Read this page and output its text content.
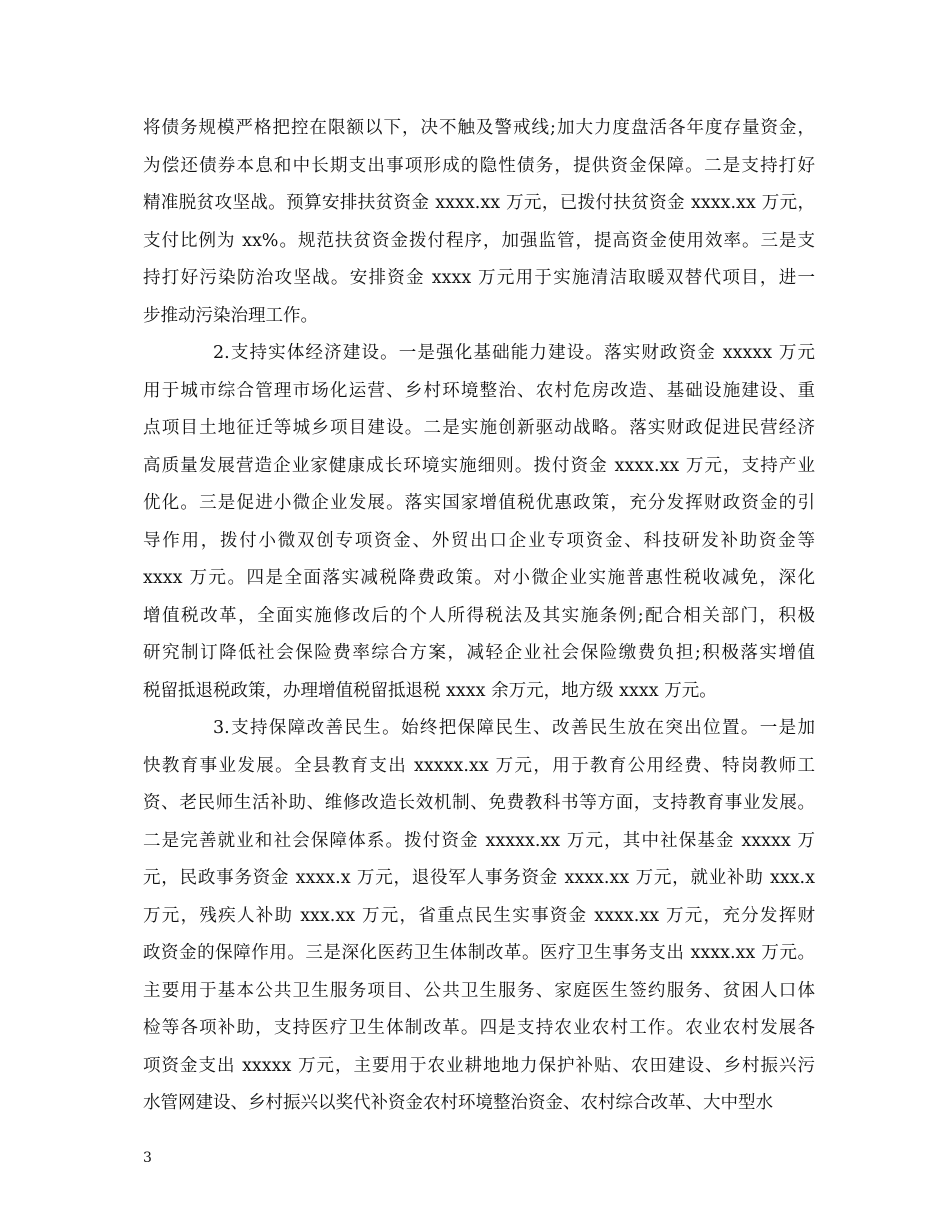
将债务规模严格把控在限额以下，决不触及警戒线;加大力度盘活各年度存量资金，
为偿还债券本息和中长期支出事项形成的隐性债务，提供资金保障。二是支持打好
精准脱贫攻坚战。预算安排扶贫资金 xxxx.xx 万元，已拨付扶贫资金 xxxx.xx 万元，
支付比例为 xx%。规范扶贫资金拨付程序，加强监管，提高资金使用效率。三是支
持打好污染防治攻坚战。安排资金 xxxx 万元用于实施清洁取暖双替代项目，进一
步推动污染治理工作。
2.支持实体经济建设。一是强化基础能力建设。落实财政资金 xxxxx 万元
用于城市综合管理市场化运营、乡村环境整治、农村危房改造、基础设施建设、重
点项目土地征迁等城乡项目建设。二是实施创新驱动战略。落实财政促进民营经济
高质量发展营造企业家健康成长环境实施细则。拨付资金 xxxx.xx 万元，支持产业
优化。三是促进小微企业发展。落实国家增值税优惠政策，充分发挥财政资金的引
导作用，拨付小微双创专项资金、外贸出口企业专项资金、科技研发补助资金等
xxxx 万元。四是全面落实减税降费政策。对小微企业实施普惠性税收减免，深化
增值税改革，全面实施修改后的个人所得税法及其实施条例;配合相关部门，积极
研究制订降低社会保险费率综合方案，减轻企业社会保险缴费负担;积极落实增值
税留抵退税政策，办理增值税留抵退税 xxxx 余万元，地方级 xxxx 万元。
3.支持保障改善民生。始终把保障民生、改善民生放在突出位置。一是加
快教育事业发展。全县教育支出 xxxxx.xx 万元，用于教育公用经费、特岗教师工
资、老民师生活补助、维修改造长效机制、免费教科书等方面，支持教育事业发展。
二是完善就业和社会保障体系。拨付资金 xxxxx.xx 万元，其中社保基金 xxxxx 万
元，民政事务资金 xxxx.x 万元，退役军人事务资金 xxxx.xx 万元，就业补助 xxx.x
万元，残疾人补助 xxx.xx 万元，省重点民生实事资金 xxxx.xx 万元，充分发挥财
政资金的保障作用。三是深化医药卫生体制改革。医疗卫生事务支出 xxxx.xx 万元。
主要用于基本公共卫生服务项目、公共卫生服务、家庭医生签约服务、贫困人口体
检等各项补助，支持医疗卫生体制改革。四是支持农业农村工作。农业农村发展各
项资金支出 xxxxx 万元，主要用于农业耕地地力保护补贴、农田建设、乡村振兴污
水管网建设、乡村振兴以奖代补资金农村环境整治资金、农村综合改革、大中型水
3
